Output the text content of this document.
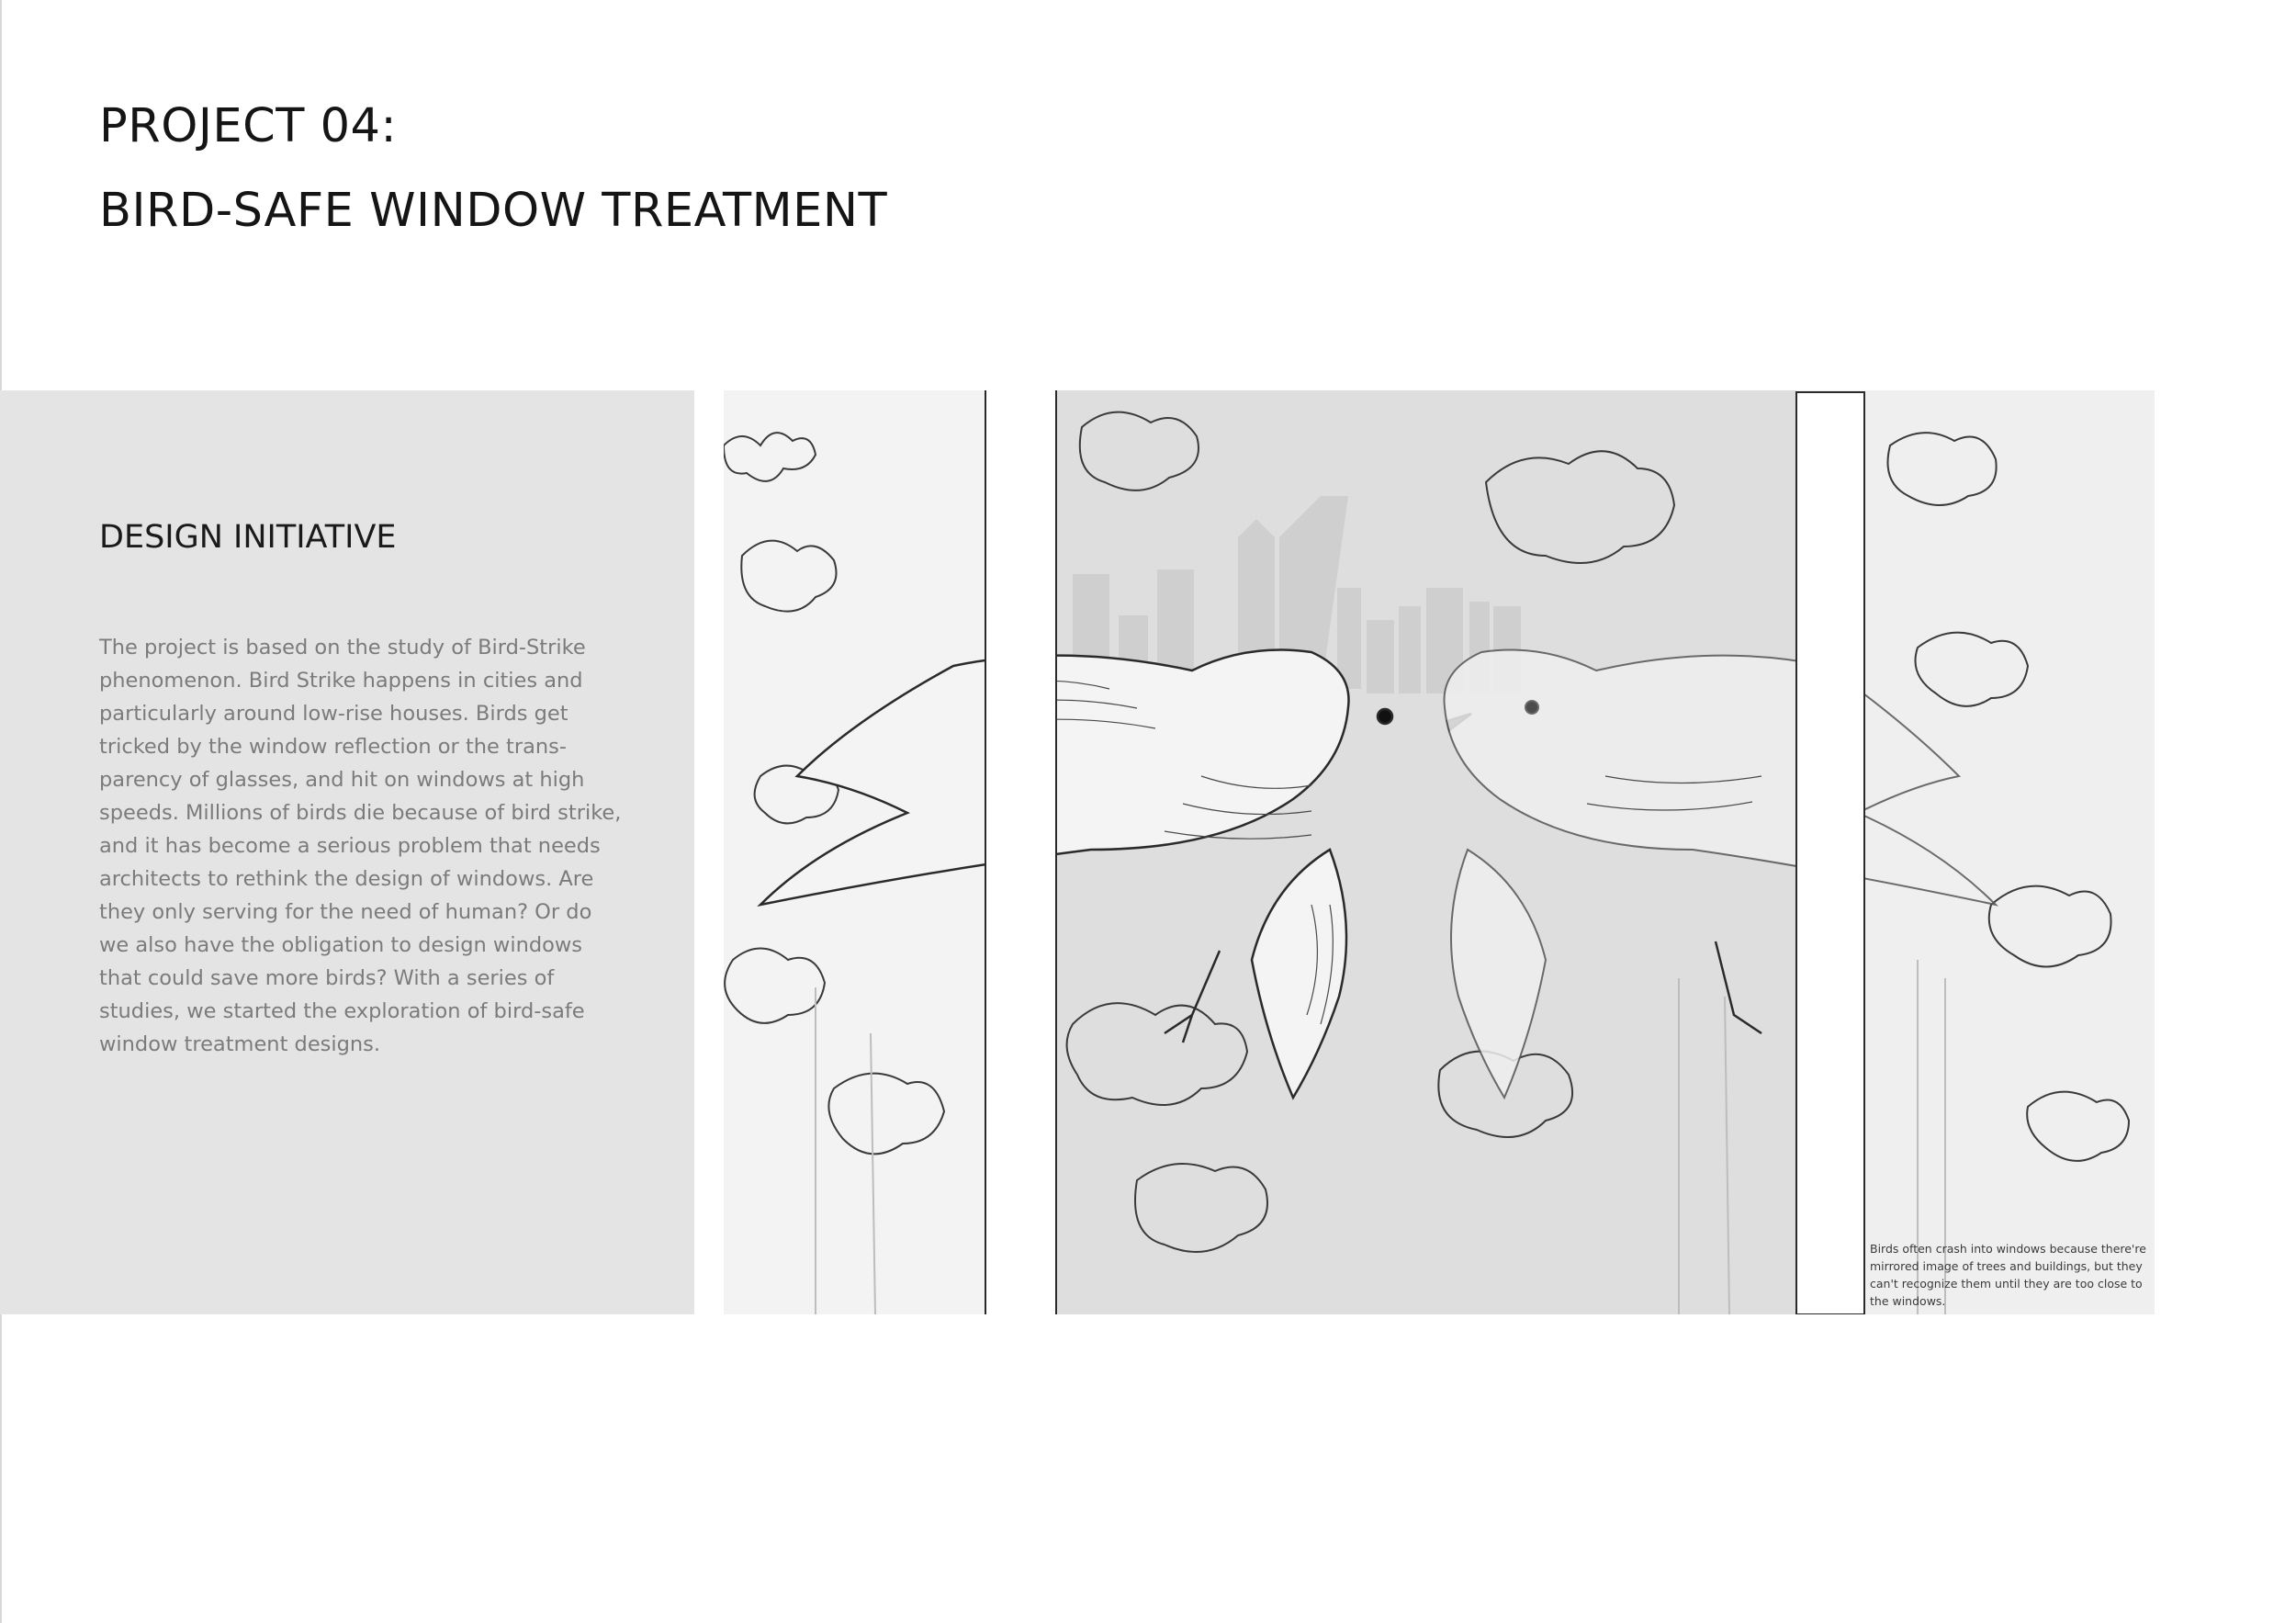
PROJECT 04:
BIRD-SAFE WINDOW TREATMENT
DESIGN INITIATIVE

The project is based on the study of Bird-Strike phenomenon. Bird Strike happens in cities and particularly around low-rise houses. Birds get tricked by the window reflection or the trans-parency of glasses, and hit on windows at high speeds. Millions of birds die because of bird strike, and it has become a serious problem that needs architects to rethink the design of windows. Are they only serving for the need of human? Or do we also have the obligation to design windows that could save more birds? With a series of studies, we started the exploration of bird-safe window treatment designs.

Birds often crash into windows because there're mirrored image of trees and buildings, but they can't recognize them until they are too close to the windows.
